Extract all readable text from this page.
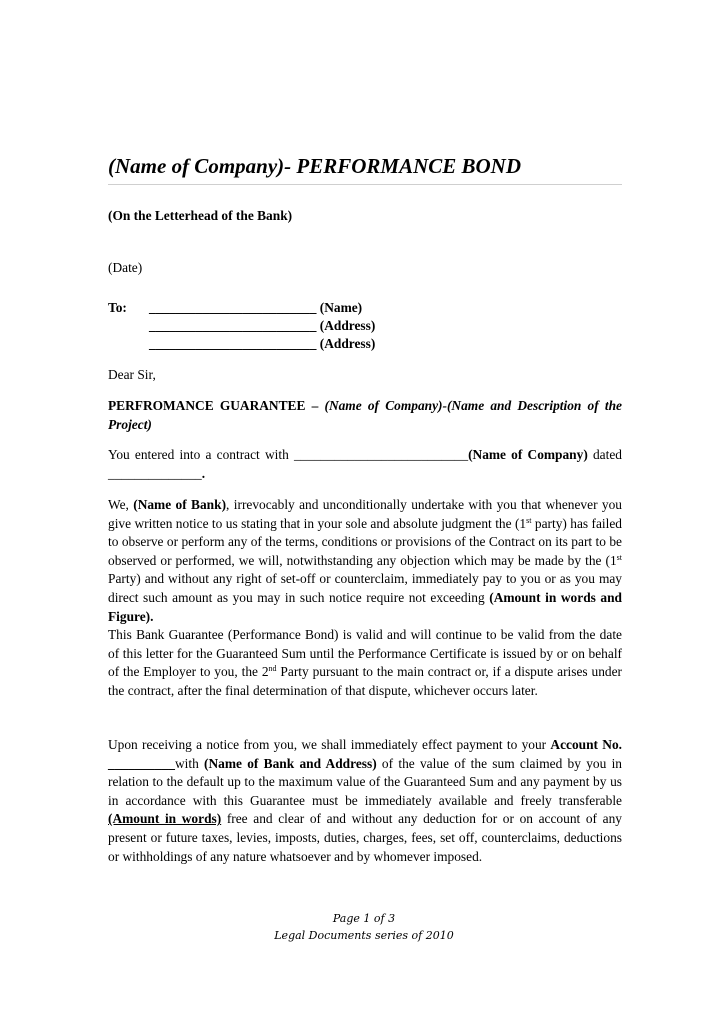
(Name of Company)- PERFORMANCE BOND
(On the Letterhead of the Bank)
(Date)
To: _________________________ (Name)
_________________________ (Address)
_________________________ (Address)
Dear Sir,
PERFROMANCE GUARANTEE – (Name of Company)-(Name and Description of the Project)
You entered into a contract with __________________________(Name of Company) dated ______________.
We, (Name of Bank), irrevocably and unconditionally undertake with you that whenever you give written notice to us stating that in your sole and absolute judgment the (1st party) has failed to observe or perform any of the terms, conditions or provisions of the Contract on its part to be observed or performed, we will, notwithstanding any objection which may be made by the (1st Party) and without any right of set-off or counterclaim, immediately pay to you or as you may direct such amount as you may in such notice require not exceeding (Amount in words and Figure).
This Bank Guarantee (Performance Bond) is valid and will continue to be valid from the date of this letter for the Guaranteed Sum until the Performance Certificate is issued by or on behalf of the Employer to you, the 2nd Party pursuant to the main contract or, if a dispute arises under the contract, after the final determination of that dispute, whichever occurs later.
Upon receiving a notice from you, we shall immediately effect payment to your Account No. __________with (Name of Bank and Address) of the value of the sum claimed by you in relation to the default up to the maximum value of the Guaranteed Sum and any payment by us in accordance with this Guarantee must be immediately available and freely transferable (Amount in words) free and clear of and without any deduction for or on account of any present or future taxes, levies, imposts, duties, charges, fees, set off, counterclaims, deductions or withholdings of any nature whatsoever and by whomever imposed.
Page 1 of 3
Legal Documents series of 2010
